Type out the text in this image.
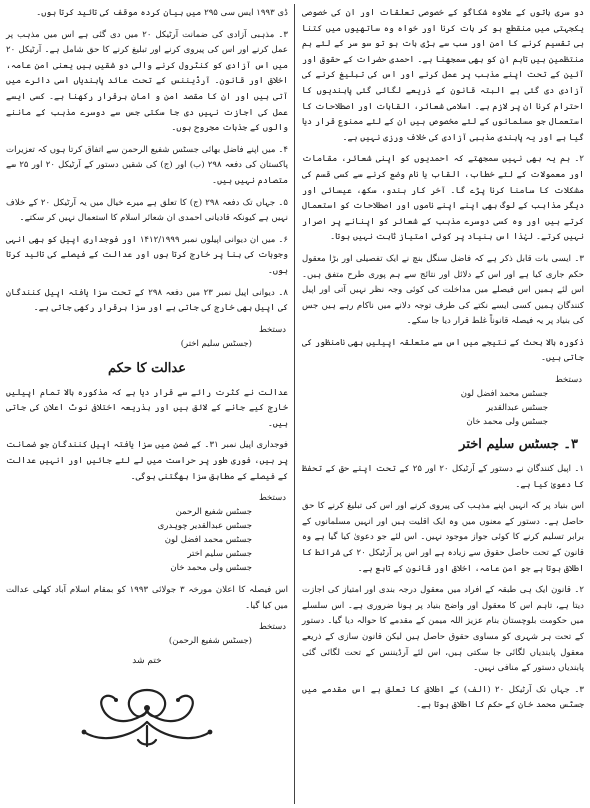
دو سری باتوں کے علاوہ شکاگو کے خصوصی تعلقات اور ان کی خصوصی یکجہتی میں منقطع ہو کر بات کرنا اور خواہ وہ ساتھیوں میں کتنا ہی تقسیم کرنے کا امن اور سب سے بڑی بات ہو تو سو سر کے لئے ہم منتظمین ہیں تاہم ان کو بھی سمجھنا ہے۔ احمدی حضرات کے حقوق اور آئین کے تحت اپنے مذہب پر عمل کرنے اور اس کی تبلیغ کرنے کی آزادی دی گئی ہے البتہ قانون کے ذریعے لگائی گئی پابندیوں کا احترام کرنا ان پر لازم ہے۔ اسلامی شعائر، القابات اور اصطلاحات کا استعمال جو مسلمانوں کے لئے مخصوص ہیں ان کے لئے ممنوع قرار دیا گیا ہے اور یہ پابندی مذہبی آزادی کی خلاف ورزی نہیں ہے۔

۲۔ ہم یہ بھی نہیں سمجھتے کہ احمدیوں کو اپنی شعائر، مقامات اور معمولات کے لئے خطاب، القاب یا نام وضع کرنے سے کسی قسم کی مشکلات کا سامنا کرنا پڑے گا۔ آخر کار ہندو، سکھ، عیسائی اور دیگر مذاہب کے لوگ بھی اپنے اپنے ناموں اور اصطلاحات کو استعمال کرتے ہیں اور وہ کسی دوسرے مذہب کے شعائر کو اپنانے پر اصرار نہیں کرتے۔ لہٰذا اس بنیاد پر کوئی امتیاز ثابت نہیں ہوتا۔

۳۔ ایسی بات قابل ذکر ہے کہ فاضل سنگل بنچ نے ایک تفصیلی اور بڑا معقول حکم جاری کیا ہے اور اس کے دلائل اور نتائج سے ہم پوری طرح متفق ہیں۔ اس لئے ہمیں اس فیصلے میں مداخلت کی کوئی وجہ نظر نہیں آتی اور اپیل کنندگان ہمیں کسی ایسے نکتے کی طرف توجہ دلانے میں ناکام رہے ہیں جس کی بنیاد پر یہ فیصلہ قانوناً غلط قرار دیا جا سکے۔

ذکورہ بالا بحث کے نتیجے میں اس سے متعلقہ اپیلیں بھی نامنظور کی جاتی ہیں۔

دستخط
جسٹس محمد افضل لون
جسٹس عبدالقدیر
جسٹس ولی محمد خان
۳۔ جسٹس سلیم اختر

۱۔ اپیل کنندگان نے دستور کے آرٹیکل ۲۰ اور ۲۵ کے تحت اپنے حق کے تحفظ کا دعویٰ کیا ہے۔

اس بنیاد پر کہ انہیں اپنے مذہب کی پیروی کرنے اور اس کی تبلیغ کرنے کا حق حاصل ہے۔ دستور کے معنوں میں وہ ایک اقلیت ہیں اور انہیں مسلمانوں کے برابر تسلیم کرنے کا کوئی جواز موجود نہیں۔ اس لئے جو دعویٰ کیا گیا ہے وہ قانون کے تحت حاصل حقوق سے زیادہ ہے اور اس پر آرٹیکل ۲۰ کی شرائط کا اطلاق ہوتا ہے جو امن عامہ، اخلاق اور قانون کے تابع ہے۔

۲۔ قانون ایک ہی طبقہ کے افراد میں معقول درجہ بندی اور امتیاز کی اجازت دیتا ہے، تاہم اس کا معقول اور واضح بنیاد پر ہونا ضروری ہے۔ اس سلسلے میں حکومت بلوچستان بنام عزیز اللہ میمن کے مقدمے کا حوالہ دیا گیا۔ دستور کے تحت ہر شہری کو مساوی حقوق حاصل ہیں لیکن قانون سازی کے ذریعے معقول پابندیاں لگائی جا سکتی ہیں، اس لئے آرڈیننس کے تحت لگائی گئی پابندیاں دستور کے منافی نہیں۔

۳۔ جہاں تک آرٹیکل ۲۰ (الف) کے اطلاق کا تعلق ہے اس مقدمے میں جسٹس محمد خان کے حکم کا اطلاق ہوتا ہے۔

ڈی ۱۹۹۳ ایس سی ۲۹۵ میں بیان کردہ موقف کی تائید کرتا ہوں۔

۳۔ مذہبی آزادی کی ضمانت آرٹیکل ۲۰ میں دی گئی ہے اس میں مذہب پر عمل کرنے اور اس کی پیروی کرنے اور تبلیغ کرنے کا حق شامل ہے۔ آرٹیکل ۲۰ میں اس آزادی کو کنٹرول کرنے والی دو شقیں ہیں یعنی امن عامہ، اخلاق اور قانون۔ آرڈیننس کے تحت عائد پابندیاں اسی دائرے میں آتی ہیں اور ان کا مقصد امن و امان برقرار رکھنا ہے۔ کسی ایسے عمل کی اجازت نہیں دی جا سکتی جس سے دوسرے مذہب کے ماننے والوں کے جذبات مجروح ہوں۔

۴۔ میں اپنے فاضل بھائی جسٹس شفیع الرحمن سے اتفاق کرتا ہوں کہ تعزیرات پاکستان کی دفعہ ۲۹۸ (ب) اور (ج) کی شقیں دستور کے آرٹیکل ۲۰ اور ۲۵ سے متصادم نہیں ہیں۔

۵۔ جہاں تک دفعہ ۲۹۸ (ج) کا تعلق ہے میرے خیال میں یہ آرٹیکل ۲۰ کے خلاف نہیں ہے کیونکہ قادیانی احمدی ان شعائر اسلام کا استعمال نہیں کر سکتے۔

۶۔ میں ان دیوانی اپیلوں نمبر ۱۴۱۲/۱۹۹۹ اور فوجداری اپیل کو بھی انہی وجوہات کی بنا پر خارج کرتا ہوں اور عدالت کے فیصلے کی تائید کرتا ہوں۔

۸۔ دیوانی اپیل نمبر ۲۳ میں دفعہ ۲۹۸ کے تحت سزا یافتہ اپیل کنندگان کی اپیل بھی خارج کی جاتی ہے اور سزا برقرار رکھی جاتی ہے۔

دستخط
(جسٹس سلیم اختر)
عدالت کا حکم

عدالت نے کثرت رائے سے قرار دیا ہے کہ مذکورہ بالا تمام اپیلیں خارج کیے جانے کے لائق ہیں اور بذریعہ اختلافی نوٹ اعلان کی جاتی ہیں۔

فوجداری اپیل نمبر ۳۱۔ کے ضمن میں سزا یافتہ اپیل کنندگان جو ضمانت پر ہیں، فوری طور پر حراست میں لے لئے جائیں اور انہیں عدالت کے فیصلے کے مطابق سزا بھگتنی ہوگی۔

دستخط
جسٹس شفیع الرحمن
جسٹس عبدالقدیر چوہدری
جسٹس محمد افضل لون
جسٹس سلیم اختر
جسٹس ولی محمد خان

اس فیصلہ کا اعلان مورخہ ۳ جولائی ۱۹۹۳ کو بمقام اسلام آباد کھلی عدالت میں کیا گیا۔

دستخط
(جسٹس شفیع الرحمن)
ختم شد
